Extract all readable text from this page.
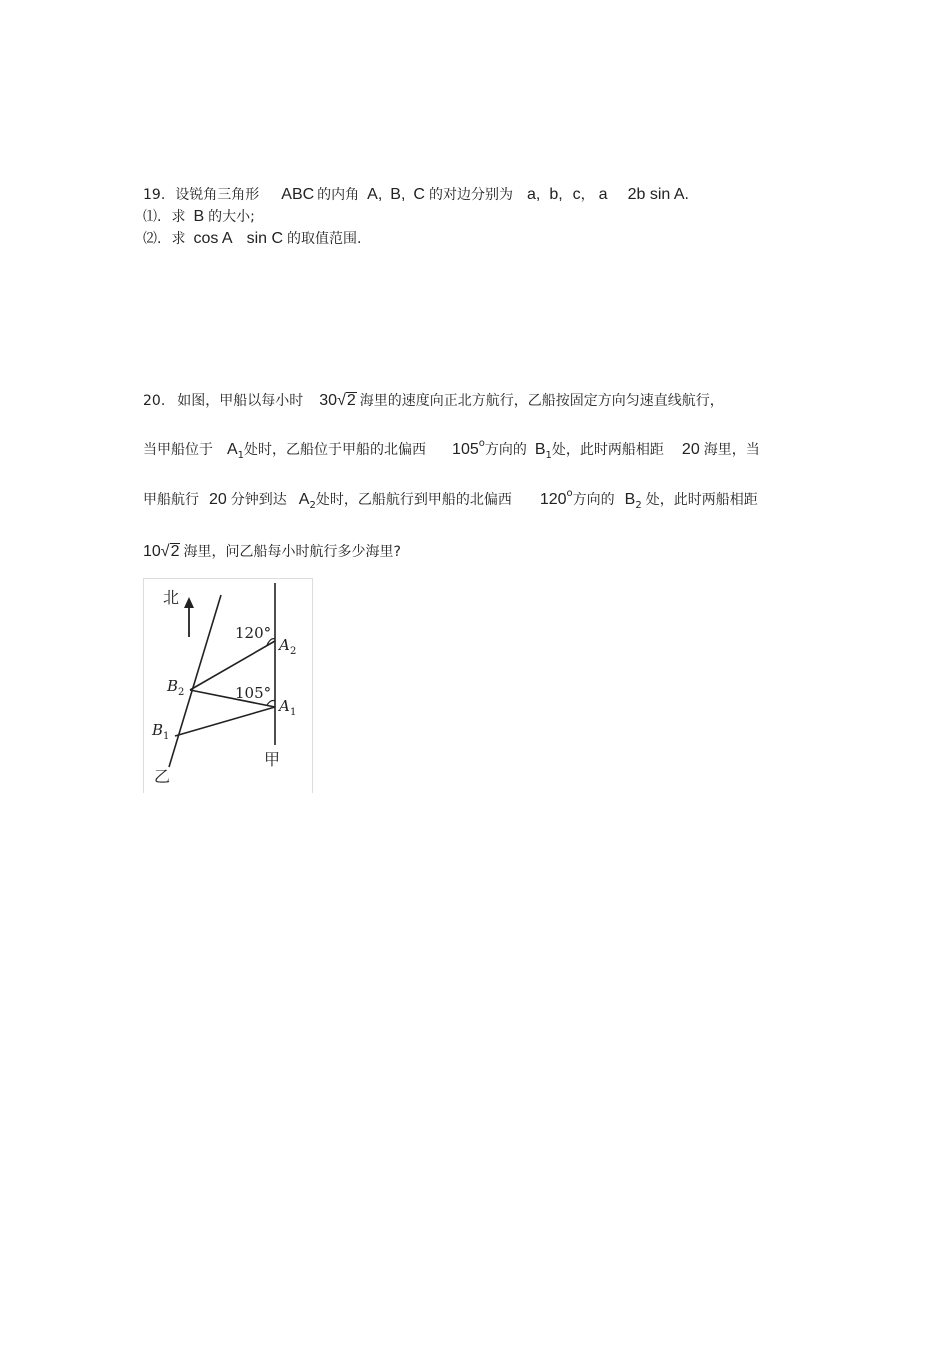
19. 设锐角三角形 ABC 的内角 A, B, C 的对边分别为 a, b, c， a 2b sin A.
⑴. 求 B 的大小;
⑵. 求 cos A sin C 的取值范围.
20. 如图，甲船以每小时 30√2 海里的速度向正北方航行，乙船按固定方向匀速直线航行，
当甲船位于 $A_1$处时，乙船位于甲船的北偏西 105$^o$方向的 $B_1$处，此时两船相距 20 海里，当
甲船航行 20 分钟到达 $A_2$处时，乙船航行到甲船的北偏西 120$^o$方向的 $B_2$ 处，此时两船相距
10√2 海里，问乙船每小时航行多少海里?
北
120°
A 2
B 2	105°
A 1
B 1
甲
乙
